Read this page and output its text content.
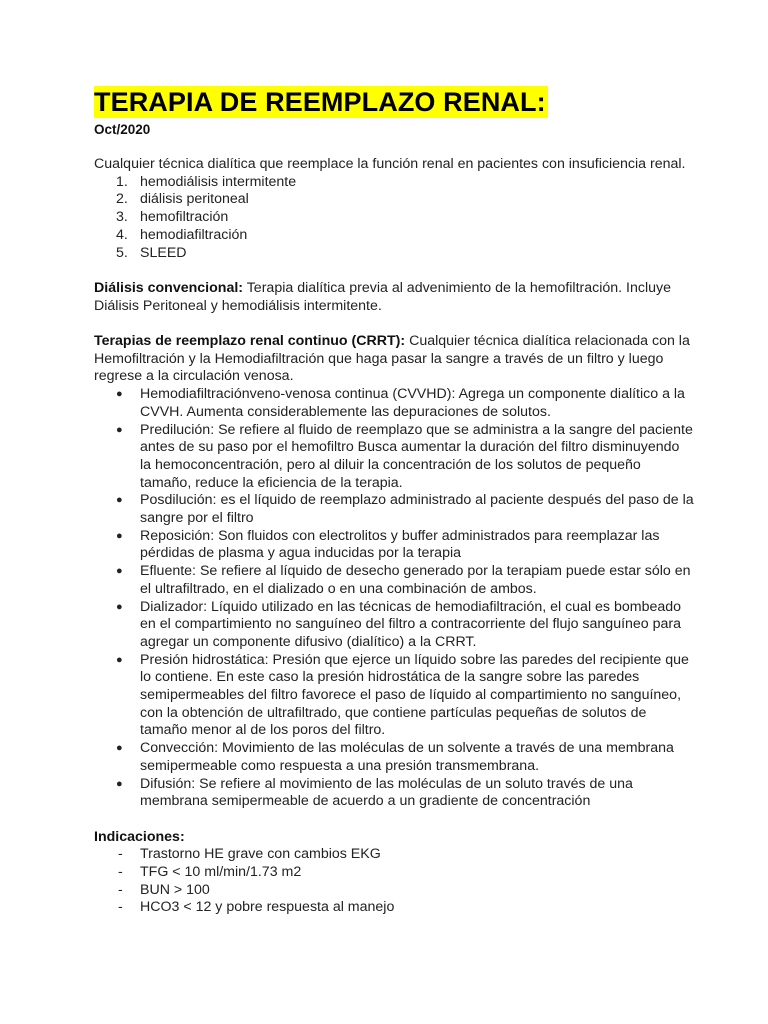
TERAPIA DE REEMPLAZO RENAL:
Oct/2020

Cualquier técnica dialítica que reemplace la función renal en pacientes con insuficiencia renal.

1. hemodiálisis intermitente
2. diálisis peritoneal
3. hemofiltración
4. hemodiafiltración
5. SLEED

Diálisis convencional: Terapia dialítica previa al advenimiento de la hemofiltración. Incluye Diálisis Peritoneal y hemodiálisis intermitente.

Terapias de reemplazo renal continuo (CRRT): Cualquier técnica dialítica relacionada con la Hemofiltración y la Hemodiafiltración que haga pasar la sangre a través de un filtro y luego regrese a la circulación venosa.

●	Hemodiafiltraciónveno-venosa continua (CVVHD): Agrega un componente dialítico a la CVVH. Aumenta considerablemente las depuraciones de solutos.
●	Predilución: Se refiere al fluido de reemplazo que se administra a la sangre del paciente antes de su paso por el hemofiltro Busca aumentar la duración del filtro disminuyendo la hemoconcentración, pero al diluir la concentración de los solutos de pequeño tamaño, reduce la eficiencia de la terapia.
●	Posdilución: es el líquido de reemplazo administrado al paciente después del paso de la sangre por el filtro
●	Reposición: Son fluidos con electrolitos y buffer administrados para reemplazar las pérdidas de plasma y agua inducidas por la terapia
●	Efluente: Se refiere al líquido de desecho generado por la terapiam puede estar sólo en el ultrafiltrado, en el dializado o en una combinación de ambos.
●	Dializador: Líquido utilizado en las técnicas de hemodiafiltración, el cual es bombeado en el compartimiento no sanguíneo del filtro a contracorriente del flujo sanguíneo para agregar un componente difusivo (dialítico) a la CRRT.
●	Presión hidrostática: Presión que ejerce un líquido sobre las paredes del recipiente que lo contiene. En este caso la presión hidrostática de la sangre sobre las paredes semipermeables del filtro favorece el paso de líquido al compartimiento no sanguíneo, con la obtención de ultrafiltrado, que contiene partículas pequeñas de solutos de tamaño menor al de los poros del filtro.
●	Convección: Movimiento de las moléculas de un solvente a través de una membrana semipermeable como respuesta a una presión transmembrana.
●	Difusión: Se refiere al movimiento de las moléculas de un soluto través de una membrana semipermeable de acuerdo a un gradiente de concentración

Indicaciones:

-	Trastorno HE grave con cambios EKG
-	TFG < 10 ml/min/1.73 m2
-	BUN > 100
-	HCO3 < 12 y pobre respuesta al manejo
